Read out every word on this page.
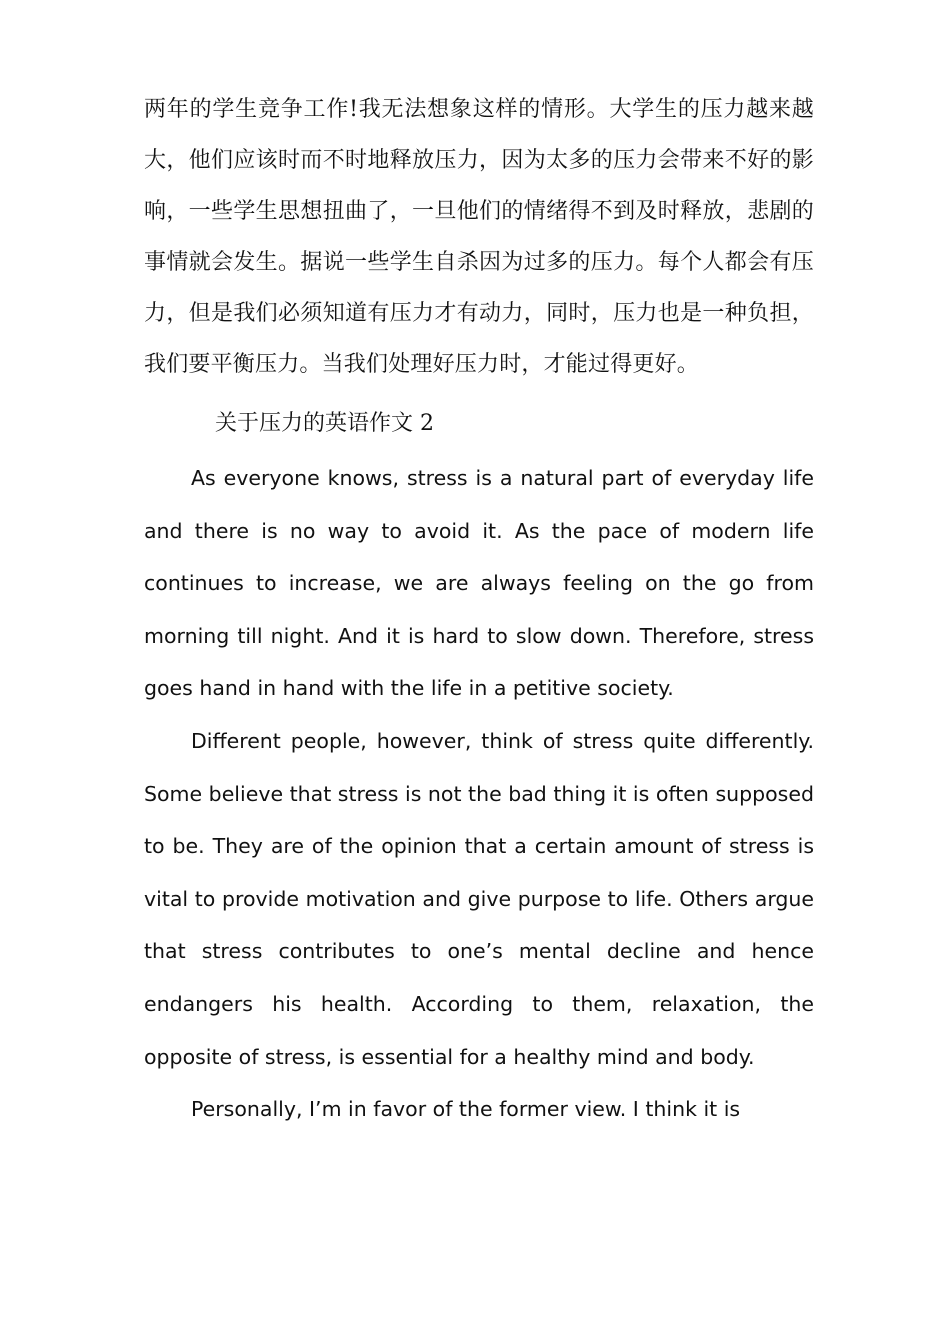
两年的学生竞争工作!我无法想象这样的情形。大学生的压力越来越大，他们应该时而不时地释放压力，因为太多的压力会带来不好的影响，一些学生思想扭曲了，一旦他们的情绪得不到及时释放，悲剧的事情就会发生。据说一些学生自杀因为过多的压力。每个人都会有压力，但是我们必须知道有压力才有动力，同时，压力也是一种负担，我们要平衡压力。当我们处理好压力时，才能过得更好。

关于压力的英语作文 2

As everyone knows, stress is a natural part of everyday life and there is no way to avoid it. As the pace of modern life continues to increase, we are always feeling on the go from morning till night. And it is hard to slow down. Therefore, stress goes hand in hand with the life in a petitive society.

Different people, however, think of stress quite differently. Some believe that stress is not the bad thing it is often supposed to be. They are of the opinion that a certain amount of stress is vital to provide motivation and give purpose to life. Others argue that stress contributes to one’s mental decline and hence endangers his health. According to them, relaxation, the opposite of stress, is essential for a healthy mind and body.

Personally, I’m in favor of the former view. I think it is
